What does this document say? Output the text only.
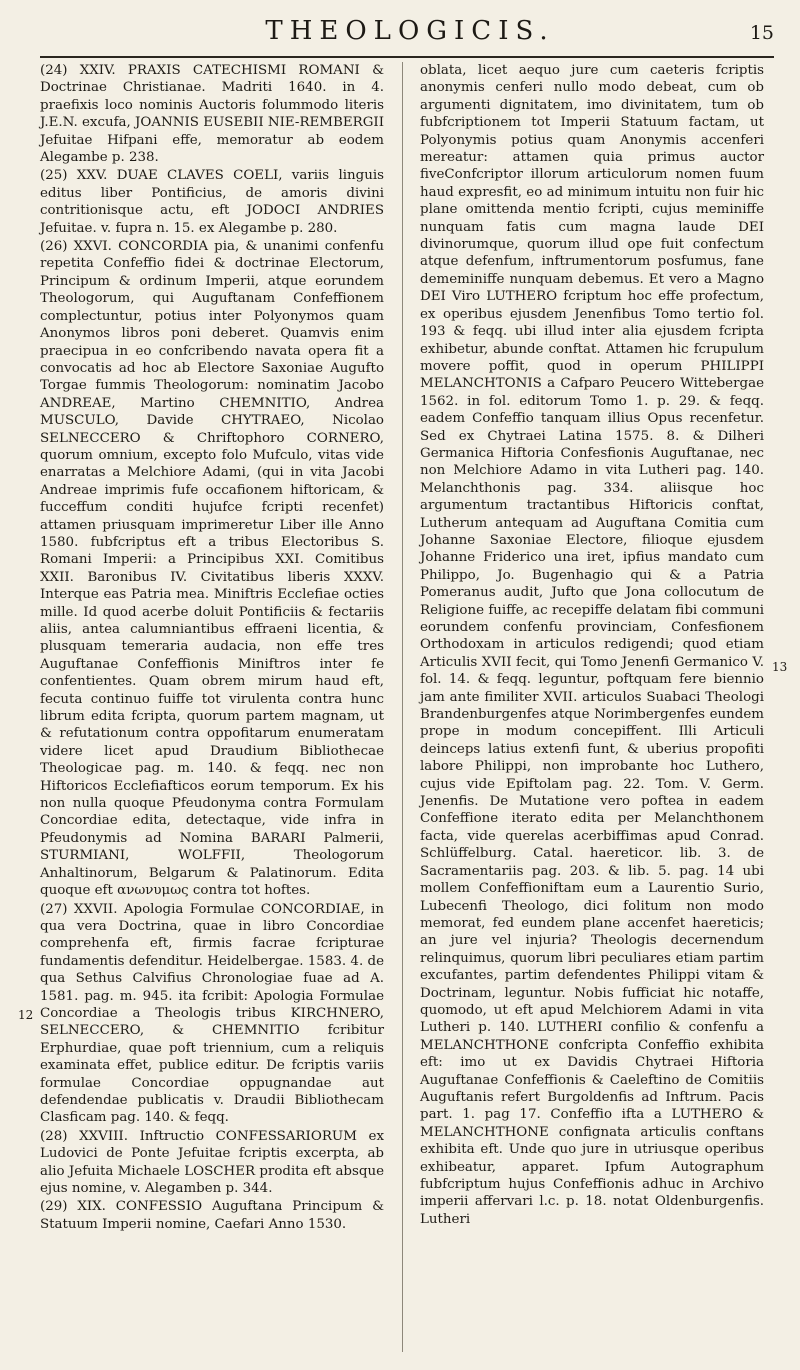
THEOLOGICIS.	15

(24) XXIV. PRAXIS CATECHISMI ROMANI & Doctrinae Christianae. Madriti 1640. in 4. praefixis loco nominis Auctoris folummodo literis J.E.N. excufa, JOANNIS EUSEBII NIE-REMBERGII Jefuitae Hifpani effe, memoratur ab eodem Alegambe p. 238.

(25) XXV. DUAE CLAVES COELI, variis linguis editus liber Pontificius, de amoris divini contritionisque actu, eft JODOCI ANDRIES Jefuitae. v. fupra n. 15. ex Alegambe p. 280.

(26) XXVI. CONCORDIA pia, & unanimi confenfu repetita Confeffio fidei & doctrinae Electorum, Principum & ordinum Imperii, atque eorundem Theologorum, qui Auguftanam Confeffionem complectuntur, potius inter Polyonymos quam Anonymos libros poni deberet. Quamvis enim praecipua in eo confcribendo navata opera fit a convocatis ad hoc ab Electore Saxoniae Augufto Torgae fummis Theologorum: nominatim Jacobo ANDREAE, Martino CHEMNITIO, Andrea MUSCULO, Davide CHYTRAEO, Nicolao SELNECCERO & Chriftophoro CORNERO, quorum omnium, excepto folo Mufculo, vitas vide enarratas a Melchiore Adami, (qui in vita Jacobi Andreae imprimis fufe occafionem hiftoricam, & fucceffum conditi hujufce fcripti recenfet) attamen priusquam imprimeretur Liber ille Anno 1580. fubfcriptus eft a tribus Electoribus S. Romani Imperii: a Principibus XXI. Comitibus XXII. Baronibus IV. Civitatibus liberis XXXV. Interque eas Patria mea. Miniftris Ecclefiae octies mille. Id quod acerbe doluit Pontificiis & fectariis aliis, antea calumniantibus effraeni licentia, & plusquam temeraria audacia, non effe tres Auguftanae Confeffionis Miniftros inter fe confentientes. Quam obrem mirum haud eft, fecuta continuo fuiffe tot virulenta contra hunc librum edita fcripta, quorum partem magnam, ut & refutationum contra oppofitarum enumeratam videre licet apud Draudium Bibliothecae Theologicae pag. m. 140. & feqq. nec non Hiftoricos Ecclefiafticos eorum temporum. Ex his non nulla quoque Pfeudonyma contra Formulam Concordiae edita, detectaque, vide infra in Pfeudonymis ad Nomina BARARI Palmerii, STURMIANI, WOLFFII, Theologorum Anhaltinorum, Belgarum & Palatinorum. Edita quoque eft ανωνυμως contra tot hoftes.

(27) XXVII. Apologia Formulae CONCORDIAE, in qua vera Doctrina, quae in libro Concordiae comprehenfa eft, firmis facrae fcripturae fundamentis defenditur. Heidelbergae. 1583. 4. de qua Sethus Calvifius Chronologiae fuae ad A. 1581. pag. m. 945. ita fcribit: Apologia Formulae Concordiae a Theologis tribus KIRCHNERO, SELNECCERO, & CHEMNITIO fcribitur Erphurdiae, quae poft triennium, cum a reliquis examinata effet, publice editur. De fcriptis variis formulae Concordiae oppugnandae aut defendendae publicatis v. Draudii Bibliothecam Clasficam pag. 140. & feqq.

(28) XXVIII. Inftructio CONFESSARIORUM ex Ludovici de Ponte Jefuitae fcriptis excerpta, ab alio Jefuita Michaele LOSCHER prodita eft absque ejus nomine, v. Alegamben p. 344.

(29) XIX. CONFESSIO Auguftana Principum & Statuum Imperii nomine, Caefari Anno 1530.

oblata, licet aequo jure cum caeteris fcriptis anonymis cenferi nullo modo debeat, cum ob argumenti dignitatem, imo divinitatem, tum ob fubfcriptionem tot Imperii Statuum factam, ut Polyonymis potius quam Anonymis accenferi mereatur: attamen quia primus auctor fiveConfcriptor illorum articulorum nomen fuum haud expresfit, eo ad minimum intuitu non fuir hic plane omittenda mentio fcripti, cujus meminiffe nunquam fatis cum magna laude DEI divinorumque, quorum illud ope fuit confectum atque defenfum, inftrumentorum posfumus, fane dememiniffe nunquam debemus. Et vero a Magno DEI Viro LUTHERO fcriptum hoc effe profectum, ex operibus ejusdem Jenenfibus Tomo tertio fol. 193 & feqq. ubi illud inter alia ejusdem fcripta exhibetur, abunde conftat. Attamen hic fcrupulum movere poffit, quod in operum PHILIPPI MELANCHTONIS a Cafparo Peucero Wittebergae 1562. in fol. editorum Tomo 1. p. 29. & feqq. eadem Confeffio tanquam illius Opus recenfetur. Sed ex Chytraei Latina 1575. 8. & Dilheri Germanica Hiftoria Confesfionis Auguftanae, nec non Melchiore Adamo in vita Lutheri pag. 140. Melanchthonis pag. 334. aliisque hoc argumentum tractantibus Hiftoricis conftat, Lutherum antequam ad Auguftana Comitia cum Johanne Saxoniae Electore, filioque ejusdem Johanne Friderico una iret, ipfius mandato cum Philippo, Jo. Bugenhagio qui & a Patria Pomeranus audit, Jufto que Jona collocutum de Religione fuiffe, ac recepiffe delatam fibi communi eorundem confenfu provinciam, Confesfionem Orthodoxam in articulos redigendi; quod etiam Articulis XVII fecit, qui Tomo Jenenfi Germanico V. fol. 14. & feqq. leguntur, poftquam fere biennio jam ante fimiliter XVII. articulos Suabaci Theologi Brandenburgenfes atque Norimbergenfes eundem prope in modum concepiffent. Illi Articuli deinceps latius extenfi funt, & uberius propofiti labore Philippi, non improbante hoc Luthero, cujus vide Epiftolam pag. 22. Tom. V. Germ. Jenenfis. De Mutatione vero poftea in eadem Confeffione iterato edita per Melanchthonem facta, vide querelas acerbiffimas apud Conrad. Schlüffelburg. Catal. haereticor. lib. 3. de Sacramentariis pag. 203. & lib. 5. pag. 14 ubi mollem Confeffioniftam eum a Laurentio Surio, Lubecenfi Theologo, dici folitum non modo memorat, fed eundem plane accenfet haereticis; an jure vel injuria? Theologis decernendum relinquimus, quorum libri peculiares etiam partim excufantes, partim defendentes Philippi vitam & Doctrinam, leguntur. Nobis fufficiat hic notaffe, quomodo, ut eft apud Melchiorem Adami in vita Lutheri p. 140. LUTHERI confilio & confenfu a MELANCHTHONE confcripta Confeffio exhibita eft: imo ut ex Davidis Chytraei Hiftoria Auguftanae Confeffionis & Caeleftino de Comitiis Auguftanis refert Burgoldenfis ad Inftrum. Pacis part. 1. pag 17. Confeffio ifta a LUTHERO & MELANCHTHONE confignata articulis conftans exhibita eft. Unde quo jure in utriusque operibus exhibeatur, apparet. Ipfum Autographum fubfcriptum hujus Confeffionis adhuc in Archivo imperii affervari l.c. p. 18. notat Oldenburgenfis. Lutheri

12
13
